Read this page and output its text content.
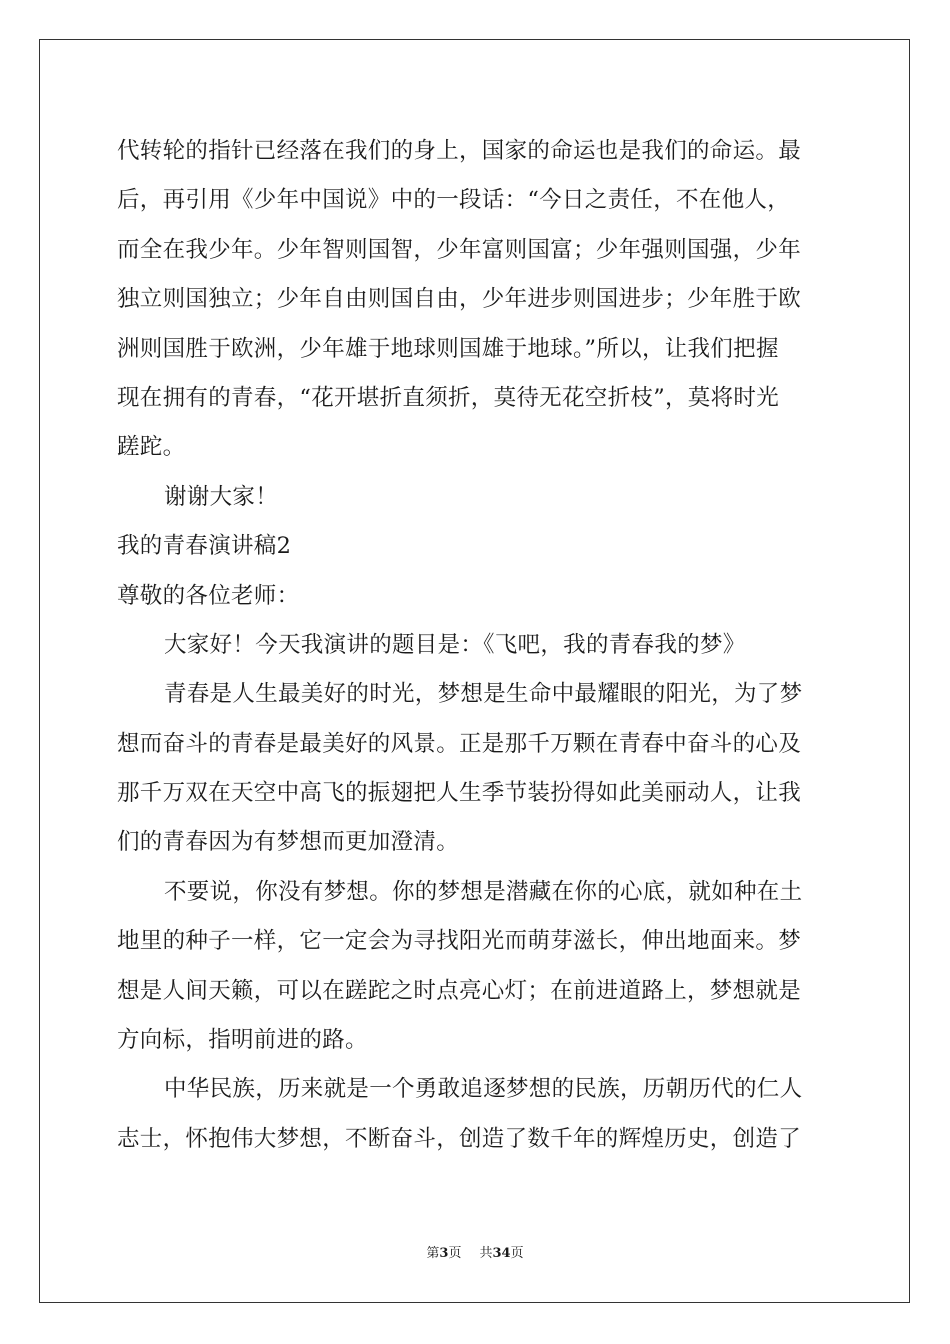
代转轮的指针已经落在我们的身上，国家的命运也是我们的命运。最
后，再引用《少年中国说》中的一段话：“今日之责任，不在他人，
而全在我少年。少年智则国智，少年富则国富；少年强则国强，少年
独立则国独立；少年自由则国自由，少年进步则国进步；少年胜于欧
洲则国胜于欧洲，少年雄于地球则国雄于地球。”所以，让我们把握
现在拥有的青春，“花开堪折直须折，莫待无花空折枝”，莫将时光
蹉跎。
谢谢大家！
我的青春演讲稿2
尊敬的各位老师：
大家好！今天我演讲的题目是：《飞吧，我的青春我的梦》
青春是人生最美好的时光，梦想是生命中最耀眼的阳光，为了梦
想而奋斗的青春是最美好的风景。正是那千万颗在青春中奋斗的心及
那千万双在天空中高飞的振翅把人生季节装扮得如此美丽动人，让我
们的青春因为有梦想而更加澄清。
不要说，你没有梦想。你的梦想是潜藏在你的心底，就如种在土
地里的种子一样，它一定会为寻找阳光而萌芽滋长，伸出地面来。梦
想是人间天籁，可以在蹉跎之时点亮心灯；在前进道路上，梦想就是
方向标，指明前进的路。
中华民族，历来就是一个勇敢追逐梦想的民族，历朝历代的仁人
志士，怀抱伟大梦想，不断奋斗，创造了数千年的辉煌历史，创造了
第3页 共34页
